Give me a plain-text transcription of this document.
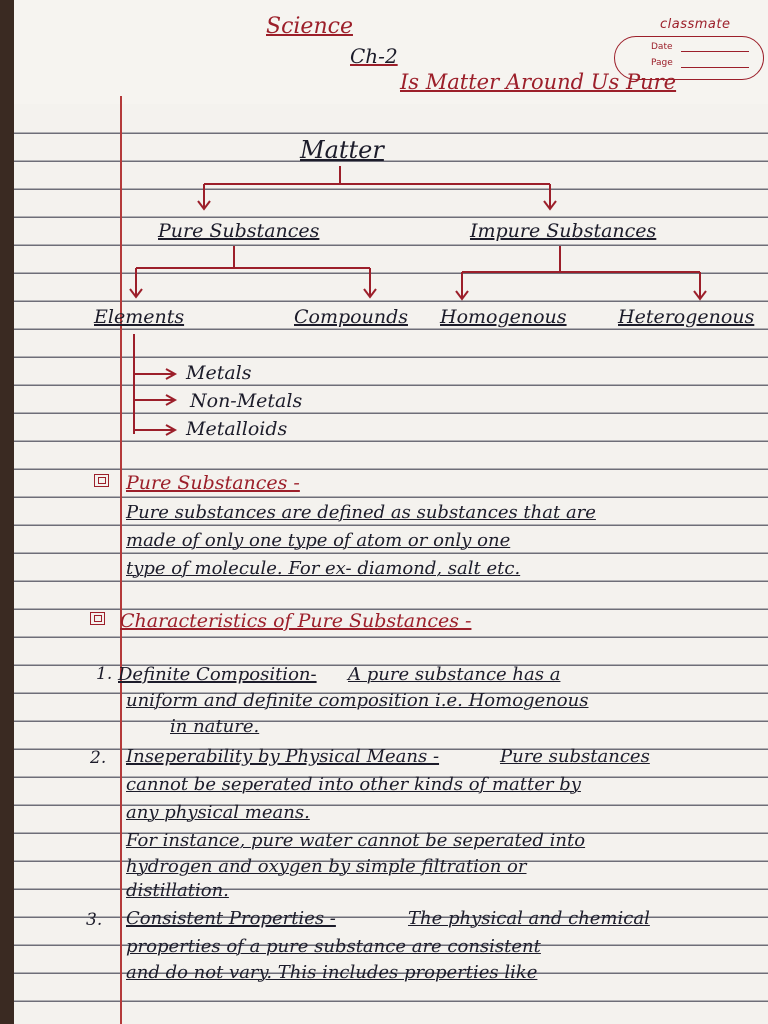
classmate
Date
Page
Science
Ch-2
Is Matter Around Us Pure
Matter
Pure Substances	Impure Substances
Elements	Compounds Homogenous	Heterogenous
Metals
Non-Metals
Metalloids
Pure Substances -
Pure substances are defined as substances that are
made of only one type of atom or only one
type of molecule. For ex- diamond, salt etc.
Characteristics of Pure Substances -
1. Definite Composition- A pure substance has a
uniform and definite composition i.e. Homogenous
in nature.
2. Inseperability by Physical Means -	Pure substances
cannot be seperated into other kinds of matter by
any physical means.
For instance, pure water cannot be seperated into
hydrogen and oxygen by simple filtration or
distillation.
3. Consistent Properties -	The physical and chemical
properties of a pure substance are consistent
and do not vary. This includes properties like
